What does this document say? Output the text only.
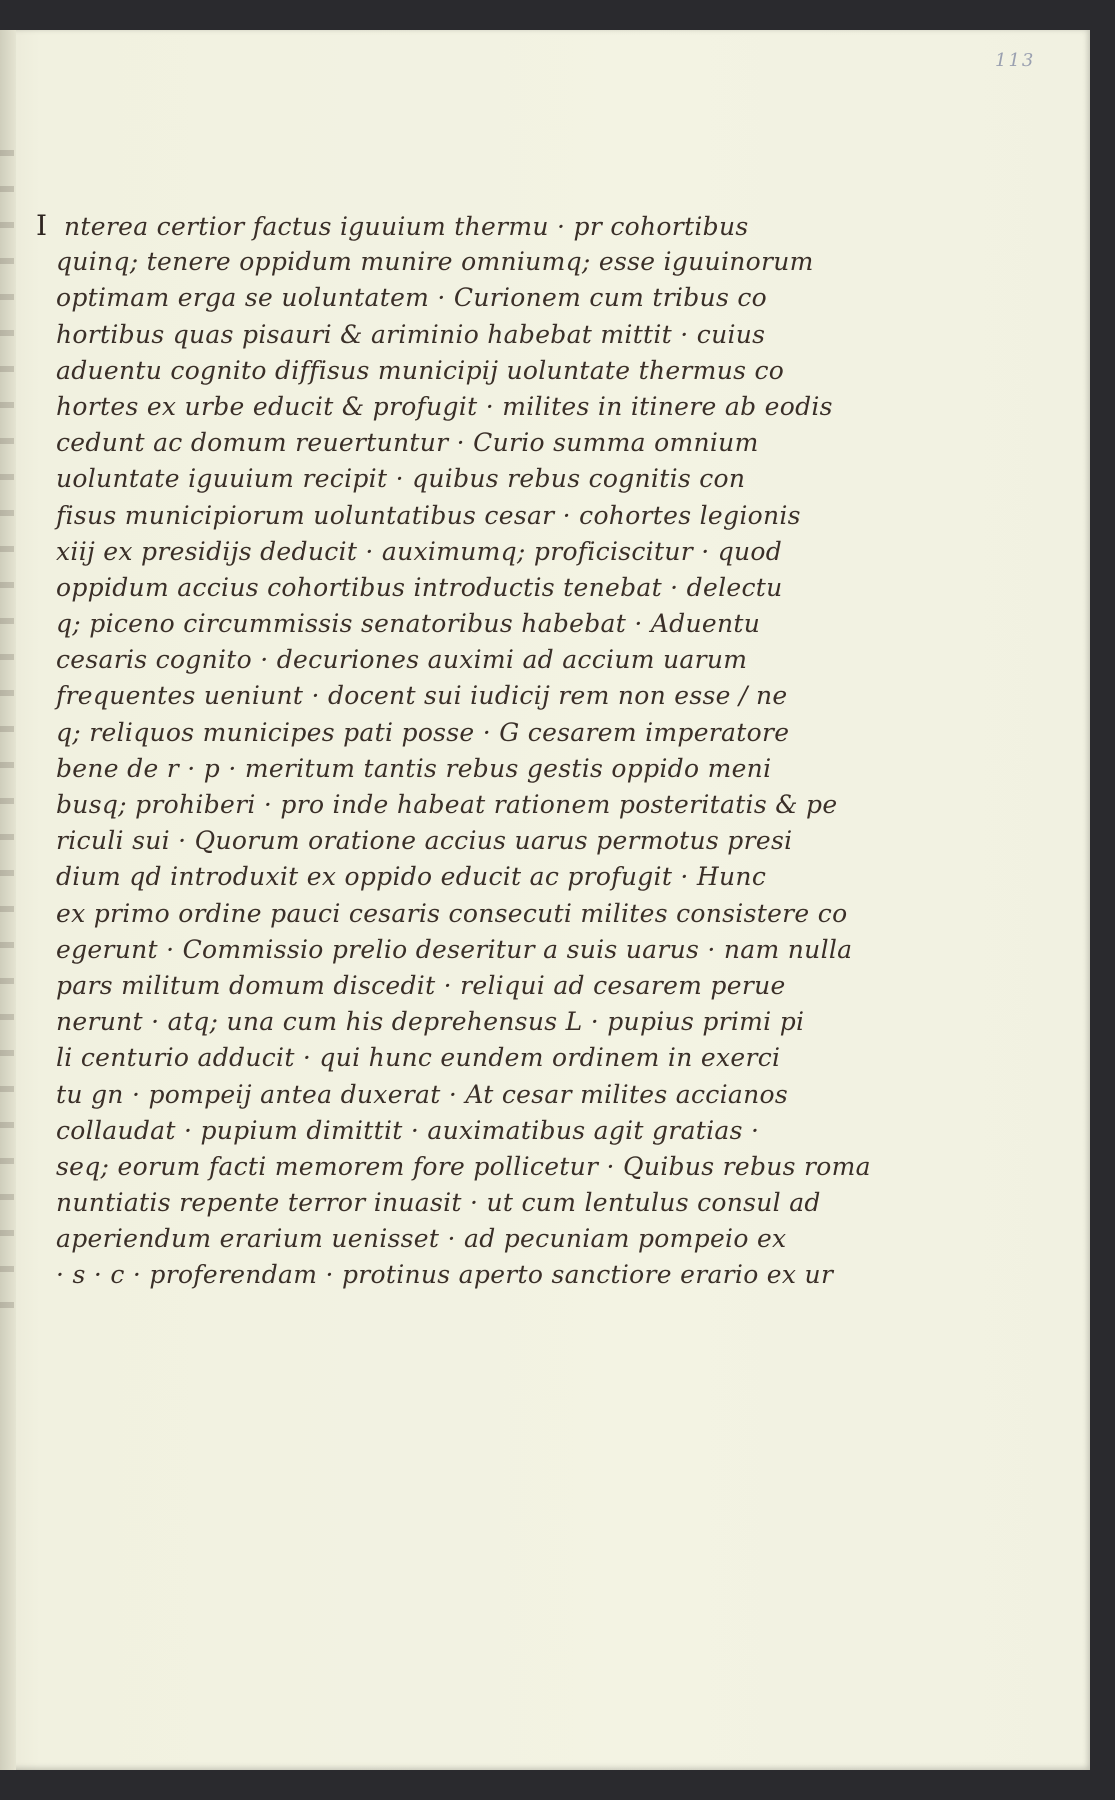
113
I nterea certior factus iguuium thermu · pr cohortibus
quinq; tenere oppidum munire omniumq; esse iguuinorum
optimam erga se uoluntatem · Curionem cum tribus co
hortibus quas pisauri & ariminio habebat mittit · cuius
aduentu cognito diffisus municipij uoluntate thermus co
hortes ex urbe educit & profugit · milites in itinere ab eodis
cedunt ac domum reuertuntur · Curio summa omnium
uoluntate iguuium recipit · quibus rebus cognitis con
fisus municipiorum uoluntatibus cesar · cohortes legionis
xiij ex presidijs deducit · auximumq; proficiscitur · quod
oppidum accius cohortibus introductis tenebat · delectu
q; piceno circummissis senatoribus habebat · Aduentu
cesaris cognito · decuriones auximi ad accium uarum
frequentes ueniunt · docent sui iudicij rem non esse / ne
q; reliquos municipes pati posse · G cesarem imperatore
bene de r · p · meritum tantis rebus gestis oppido meni
busq; prohiberi · pro inde habeat rationem posteritatis & pe
riculi sui · Quorum oratione accius uarus permotus presi
dium qd introduxit ex oppido educit ac profugit · Hunc
ex primo ordine pauci cesaris consecuti milites consistere co
egerunt · Commissio prelio deseritur a suis uarus · nam nulla
pars militum domum discedit · reliqui ad cesarem perue
nerunt · atq; una cum his deprehensus L · pupius primi pi
li centurio adducit · qui hunc eundem ordinem in exerci
tu gn · pompeij antea duxerat · At cesar milites accianos
collaudat · pupium dimittit · auximatibus agit gratias ·
seq; eorum facti memorem fore pollicetur · Quibus rebus roma
nuntiatis repente terror inuasit · ut cum lentulus consul ad
aperiendum erarium uenisset · ad pecuniam pompeio ex
· s · c · proferendam · protinus aperto sanctiore erario ex ur
